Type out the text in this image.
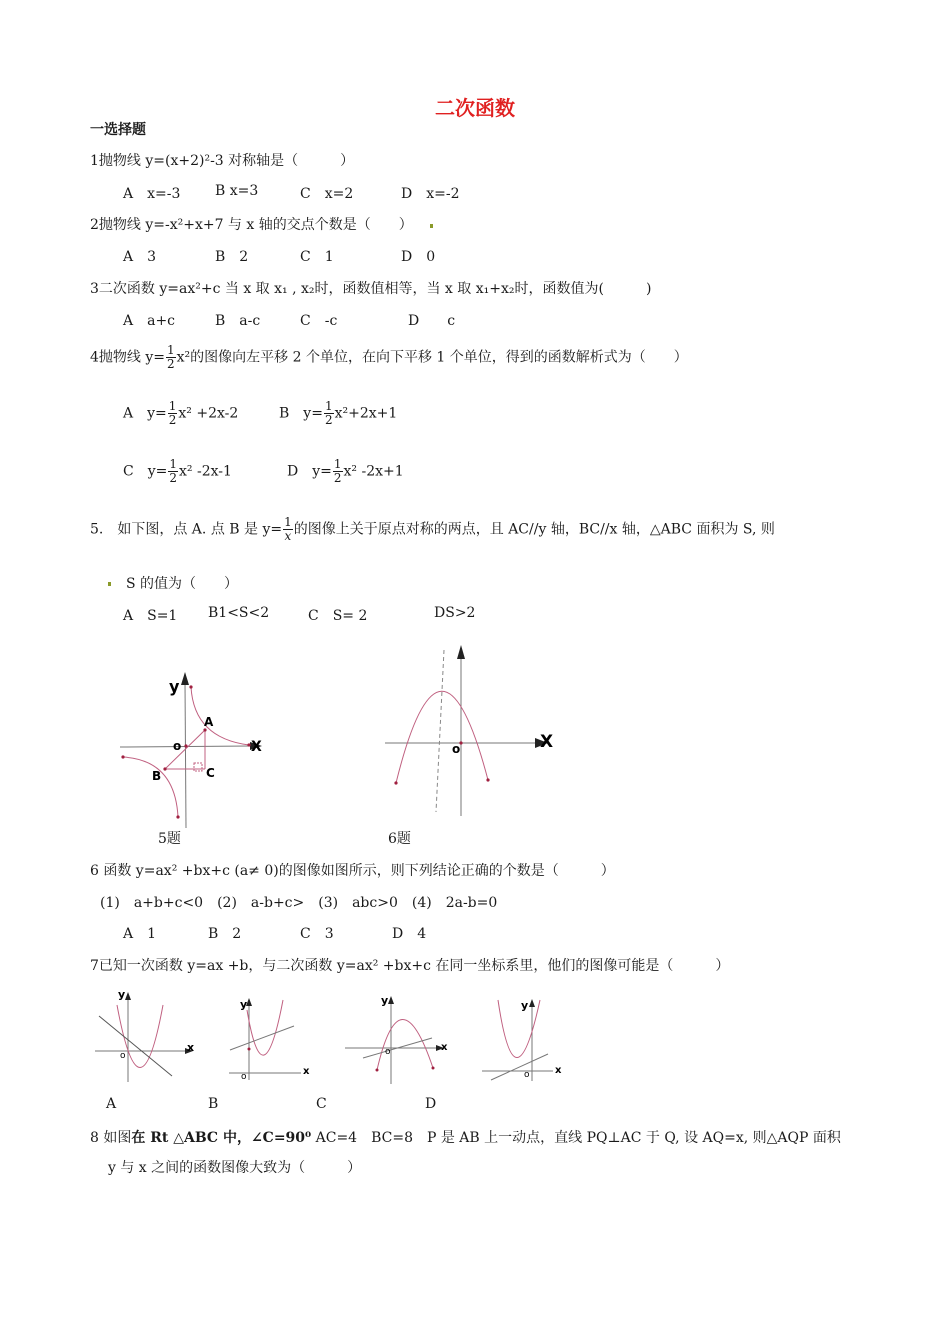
二次函数
一选择题
1抛物线 y=(x+2)²-3 对称轴是（　　　）
A　x=-3 B x=3	C　x=2	D　x=-2
2抛物线 y=-x²+x+7 与 x 轴的交点个数是（　　）
A　3	B　2	C　1	D　0
3二次函数 y=ax²+c 当 x 取 x₁ , x₂时，函数值相等，当 x 取 x₁+x₂时，函数值为(　　　)
A　a+c	B　a-c	C　-c	D　　c
4抛物线 $y= \frac{1}{2} x^2$的图像向左平移 2 个单位，在向下平移 1 个单位，得到的函数解析式为（　　）
A　$y= \frac{1}{2} x^2 +2x-2$	B　$y= \frac{1}{2} x^2+2x+1$
C　$y= \frac{1}{2} x^2$ -2x-1	D　$y= \frac{1}{2} x^2$ -2x+1
5.　如下图，点 A. 点 B 是 $y= \frac{1}{x}$ 的图像上关于原点对称的两点，且 AC//y 轴，BC//x 轴，△ABC 面积为 S, 则
S 的值为（　　）
A　S=1 B1<S<2	C　S= 2	DS>2
y
X
o
A
B	C
5题
X
o
6题
6 函数 y=ax² +bx+c (a≠ 0)的图像如图所示，则下列结论正确的个数是（　　　）
(1)　a+b+c<0　(2)　a-b+c>　(3)　abc>0　(4)　2a-b=0
A　1	B　2	C　3	D　4
7已知一次函数 y=ax +b，与二次函数 y=ax² +bx+c 在同一坐标系里，他们的图像可能是（　　　）
y
x
o
y
x
o
y
x
o
y
x
o
A	B	C	D
8 如图在 Rt △ABC 中，∠C=90⁰ AC=4　BC=8　P 是 AB 上一动点，直线 PQ⊥AC 于 Q, 设 AQ=x, 则△AQP 面积
y 与 x 之间的函数图像大致为（　　　）
